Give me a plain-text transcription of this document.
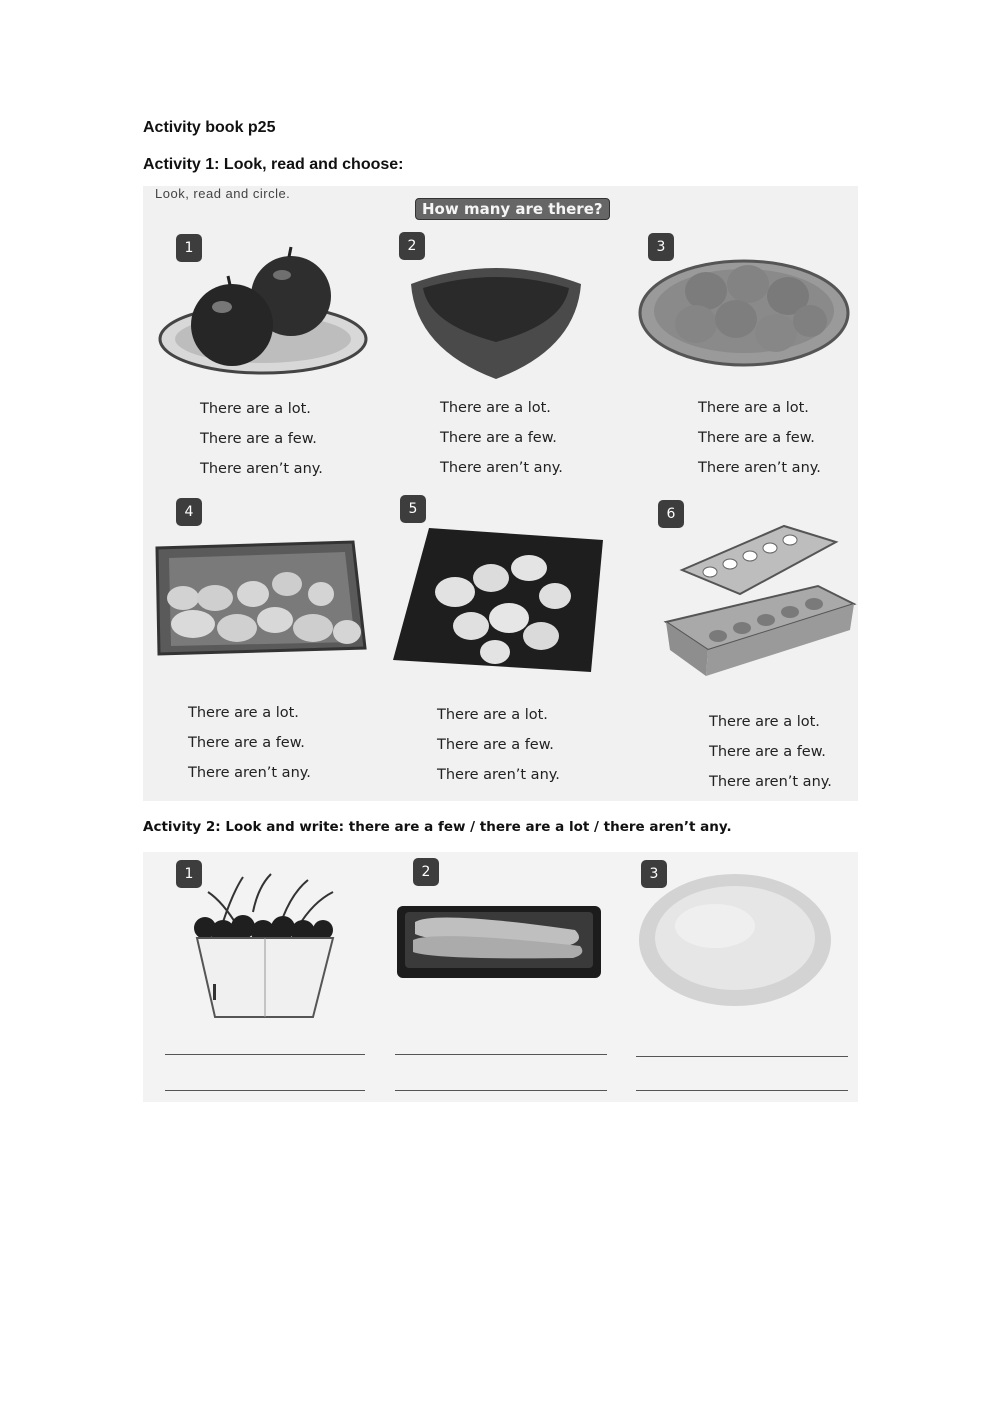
Activity book p25
Activity 1: Look, read and choose:
Look, read and circle.
How many are there?
1
There are a lot.
There are a few.
There aren’t any.
2
There are a lot.
There are a few.
There aren’t any.
3
There are a lot.
There are a few.
There aren’t any.
4
There are a lot.
There are a few.
There aren’t any.
5
There are a lot.
There are a few.
There aren’t any.
6
There are a lot.
There are a few.
There aren’t any.
Activity 2: Look and write: there are a few / there are a lot / there aren’t any.
1	2	3
